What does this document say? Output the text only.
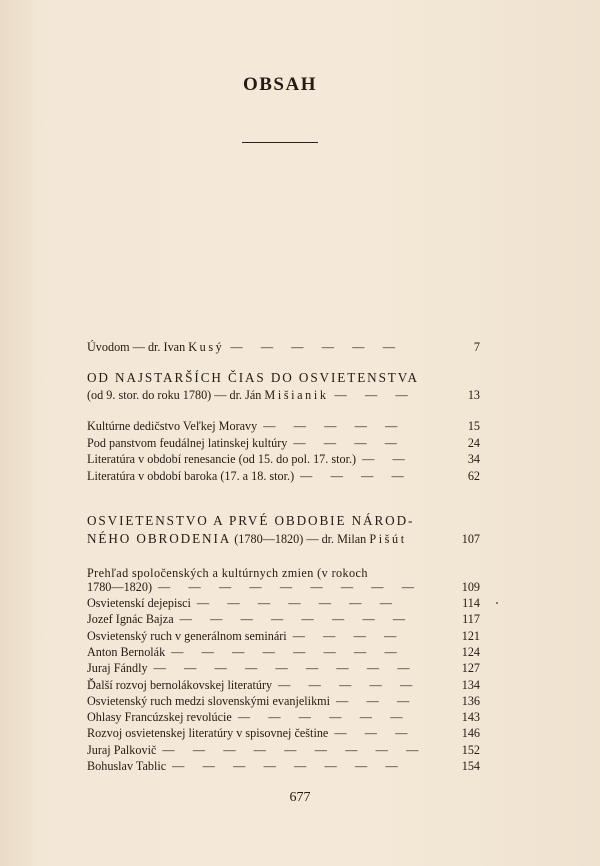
OBSAH
Úvodom — dr. Ivan Kusý —   —   —   —   —   —	7
OD NAJSTARŠÍCH ČIAS DO OSVIETENSTVA
(od 9. stor. do roku 1780) — dr. Ján Mišianik —   —   —	13
Kultúrne dedičstvo Veľkej Moravy —   —   —   —   —	15
Pod panstvom feudálnej latinskej kultúry —   —   —   —	24
Literatúra v období renesancie (od 15. do pol. 17. stor.) —   —	34
Literatúra v období baroka (17. a 18. stor.) —   —   —   —	62
OSVIETENSTVO A PRVÉ OBDOBIE NÁROD-
NÉHO OBRODENIA (1780—1820) — dr. Milan Pišút	107
Prehľad spoločenských a kultúrnych zmien (v rokoch
1780—1820) —   —   —   —   —   —   —   —   —	109
Osvietenskí dejepisci —   —   —   —   —   —   —	114
Jozef Ignác Bajza —   —   —   —   —   —   —   —	117
Osvietenský ruch v generálnom seminári —   —   —   —	121
Anton Bernolák —   —   —   —   —   —   —   —	124
Juraj Fándly —   —   —   —   —   —   —   —   —	127
Ďalší rozvoj bernolákovskej literatúry —   —   —   —   —	134
Osvietenský ruch medzi slovenskými evanjelikmi —   —   —	136
Ohlasy Francúzskej revolúcie —   —   —   —   —   —	143
Rozvoj osvietenskej literatúry v spisovnej češtine —   —   —	146
Juraj Palkovič —   —   —   —   —   —   —   —   —	152
Bohuslav Tablic —   —   —   —   —   —   —   —	154
677
